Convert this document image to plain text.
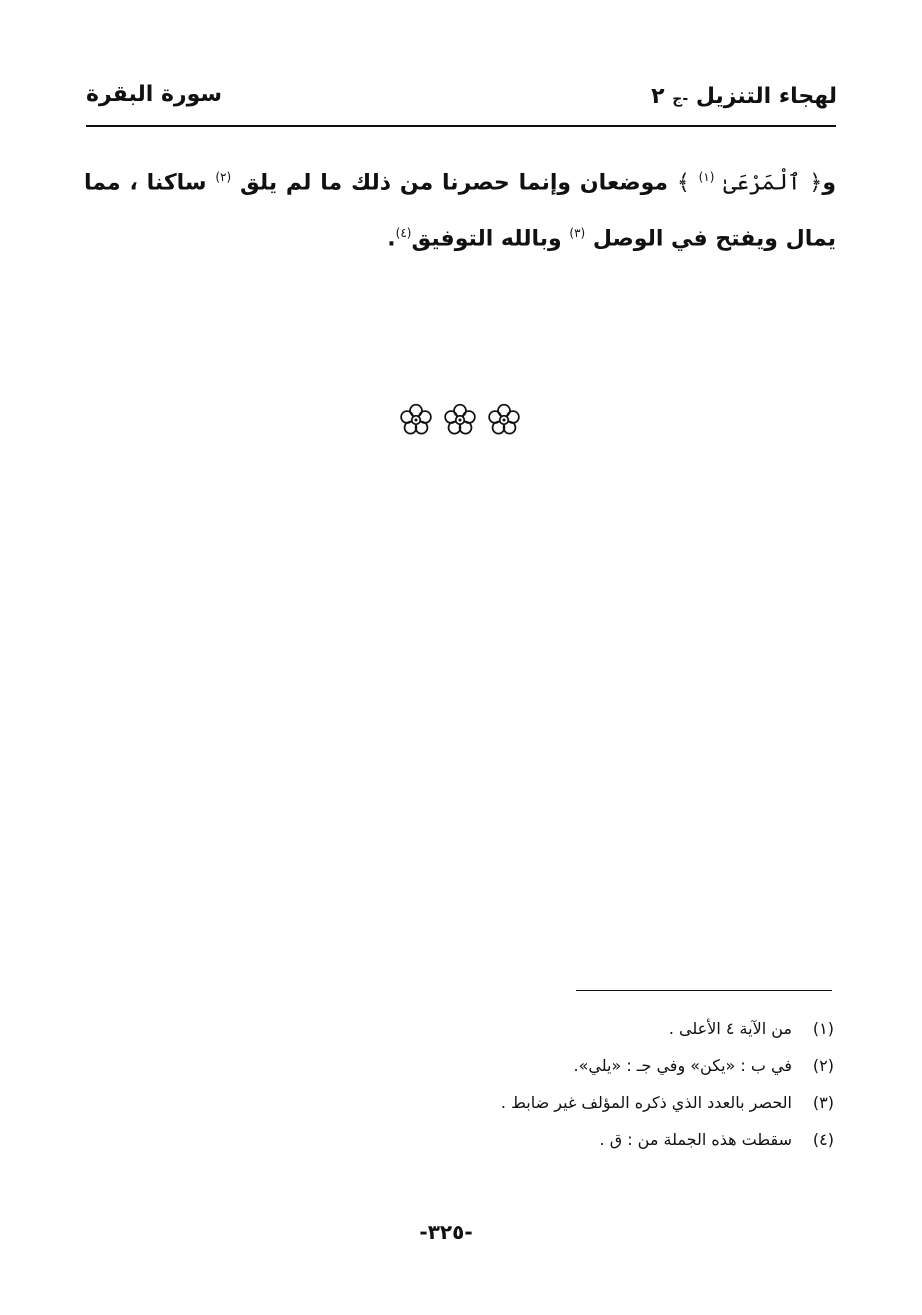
لهجاء التنزيل -ج ٢
سورة البقرة
و﴿ ٱلْمَرْعَىٰ $^{(١)}$ ﴾ موضعان وإنما حصرنا من ذلك ما لم يلق $^{(٢)}$ ساكنا ، مما يمال ويفتح في الوصل $^{(٣)}$ وبالله التوفيق$^{(٤)}$.
(١)
من الآية ٤ الأعلى .
(٢)
في ب : «يكن» وفي جـ : «يلي».
(٣)
الحصر بالعدد الذي ذكره المؤلف غير ضابط .
(٤)
سقطت هذه الجملة من : ق .
-٣٢٥-
